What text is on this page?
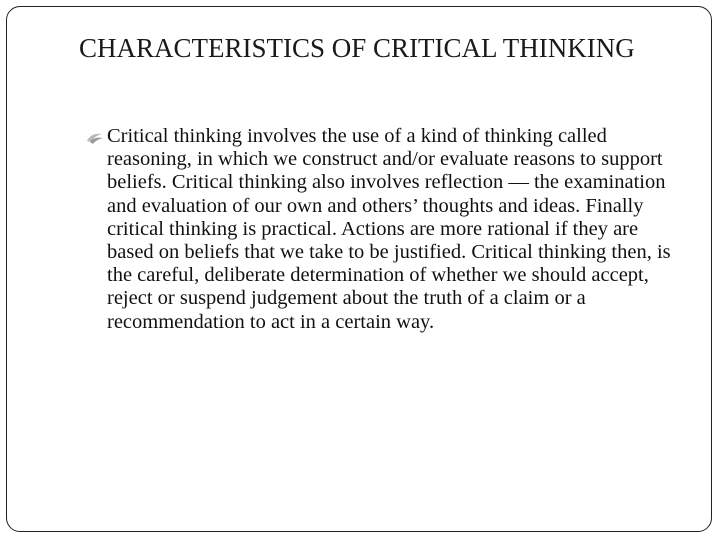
CHARACTERISTICS OF CRITICAL THINKING

Critical thinking involves the use of a kind of thinking called reasoning, in which we construct and/or evaluate reasons to support beliefs. Critical thinking also involves reflection — the examination and evaluation of our own and others’ thoughts and ideas. Finally critical thinking is practical. Actions are more rational if they are based on beliefs that we take to be justified. Critical thinking then, is the careful, deliberate determination of whether we should accept, reject or suspend judgement about the truth of a claim or a recommendation to act in a certain way.
